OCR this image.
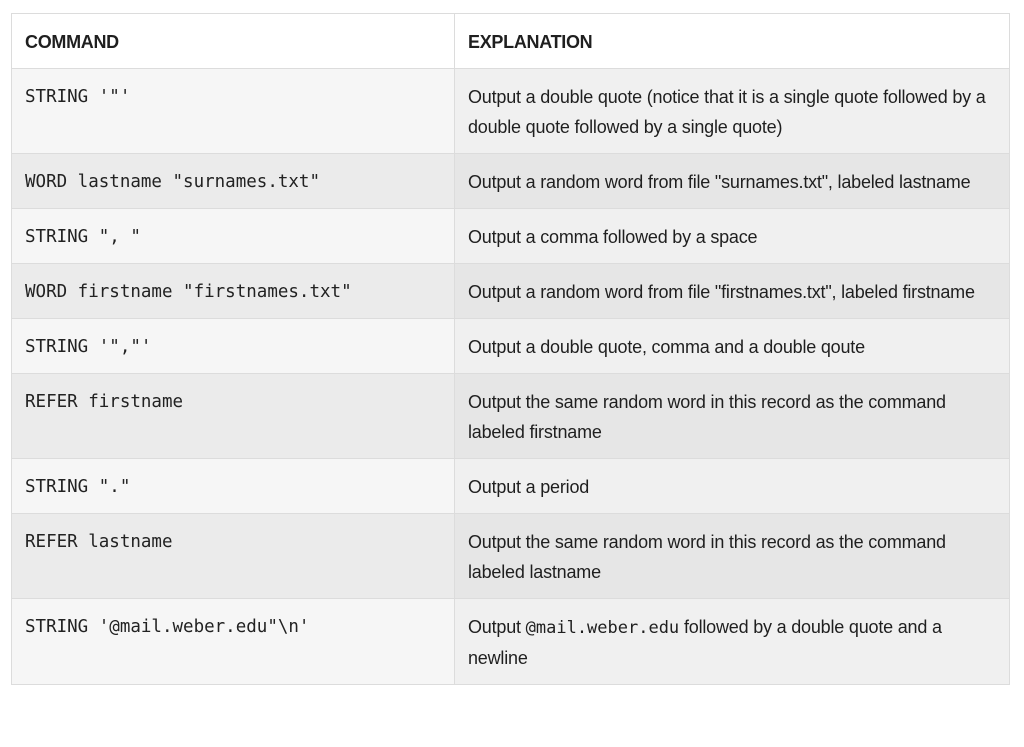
COMMAND	EXPLANATION
STRING '"'	Output a double quote (notice that it is a single quote followed by a double quote followed by a single quote)
WORD lastname "surnames.txt"	Output a random word from file "surnames.txt", labeled lastname
STRING ", "	Output a comma followed by a space
WORD firstname "firstnames.txt"	Output a random word from file "firstnames.txt", labeled firstname
STRING '","'	Output a double quote, comma and a double qoute
REFER firstname	Output the same random word in this record as the command labeled firstname
STRING "."	Output a period
REFER lastname	Output the same random word in this record as the command labeled lastname
STRING '@mail.weber.edu"\n'	Output @mail.weber.edu followed by a double quote and a newline
